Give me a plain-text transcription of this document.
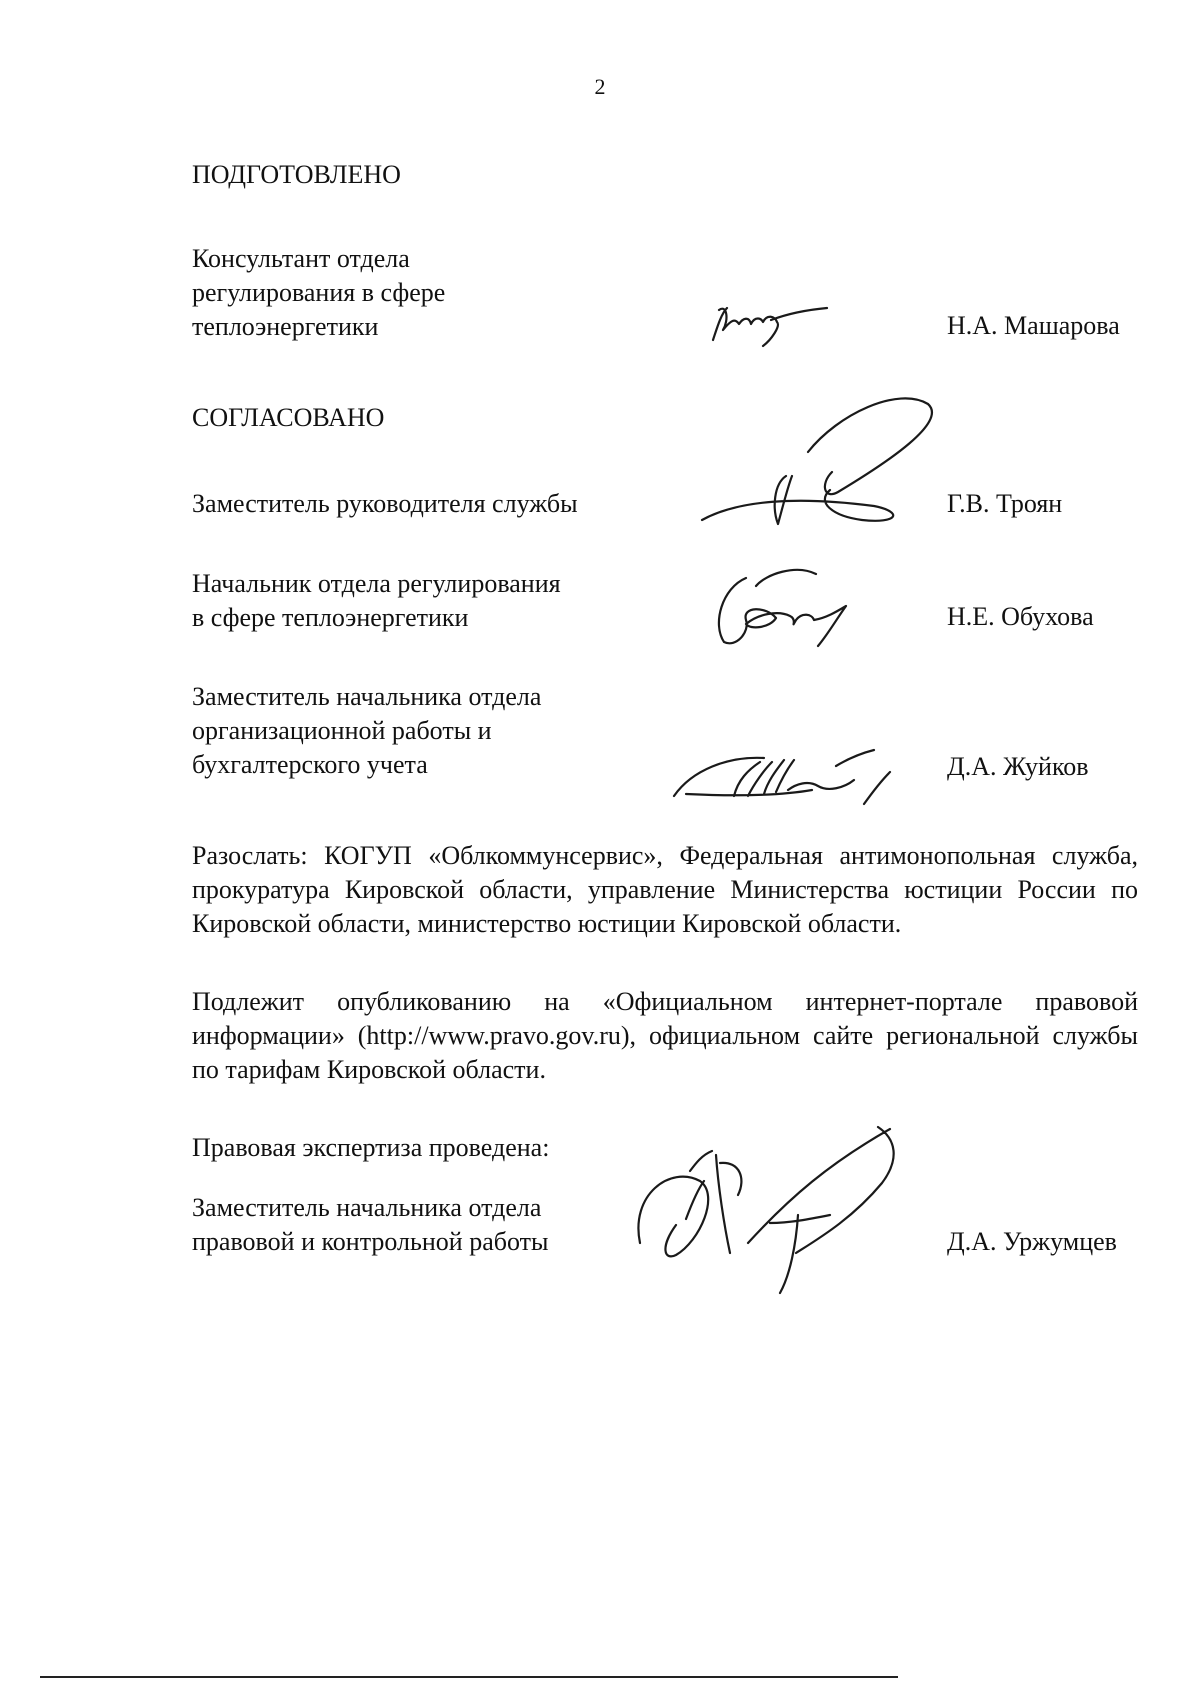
2
ПОДГОТОВЛЕНО
Консультант отдела
регулирования в сфере
теплоэнергетики	Н.А. Машарова
СОГЛАСОВАНО
Заместитель руководителя службы	Г.В. Троян
Начальник отдела регулирования
в сфере теплоэнергетики	Н.Е. Обухова
Заместитель начальника отдела
организационной работы и
бухгалтерского учета	Д.А. Жуйков
Разослать: КОГУП «Облкоммунсервис», Федеральная антимонопольная служба, прокуратура Кировской области, управление Министерства юстиции России по Кировской области, министерство юстиции Кировской области.
Подлежит опубликованию на «Официальном интернет-портале правовой информации» (http://www.pravo.gov.ru), официальном сайте региональной службы по тарифам Кировской области.
Правовая экспертиза проведена:
Заместитель начальника отдела
правовой и контрольной работы	Д.А. Уржумцев
